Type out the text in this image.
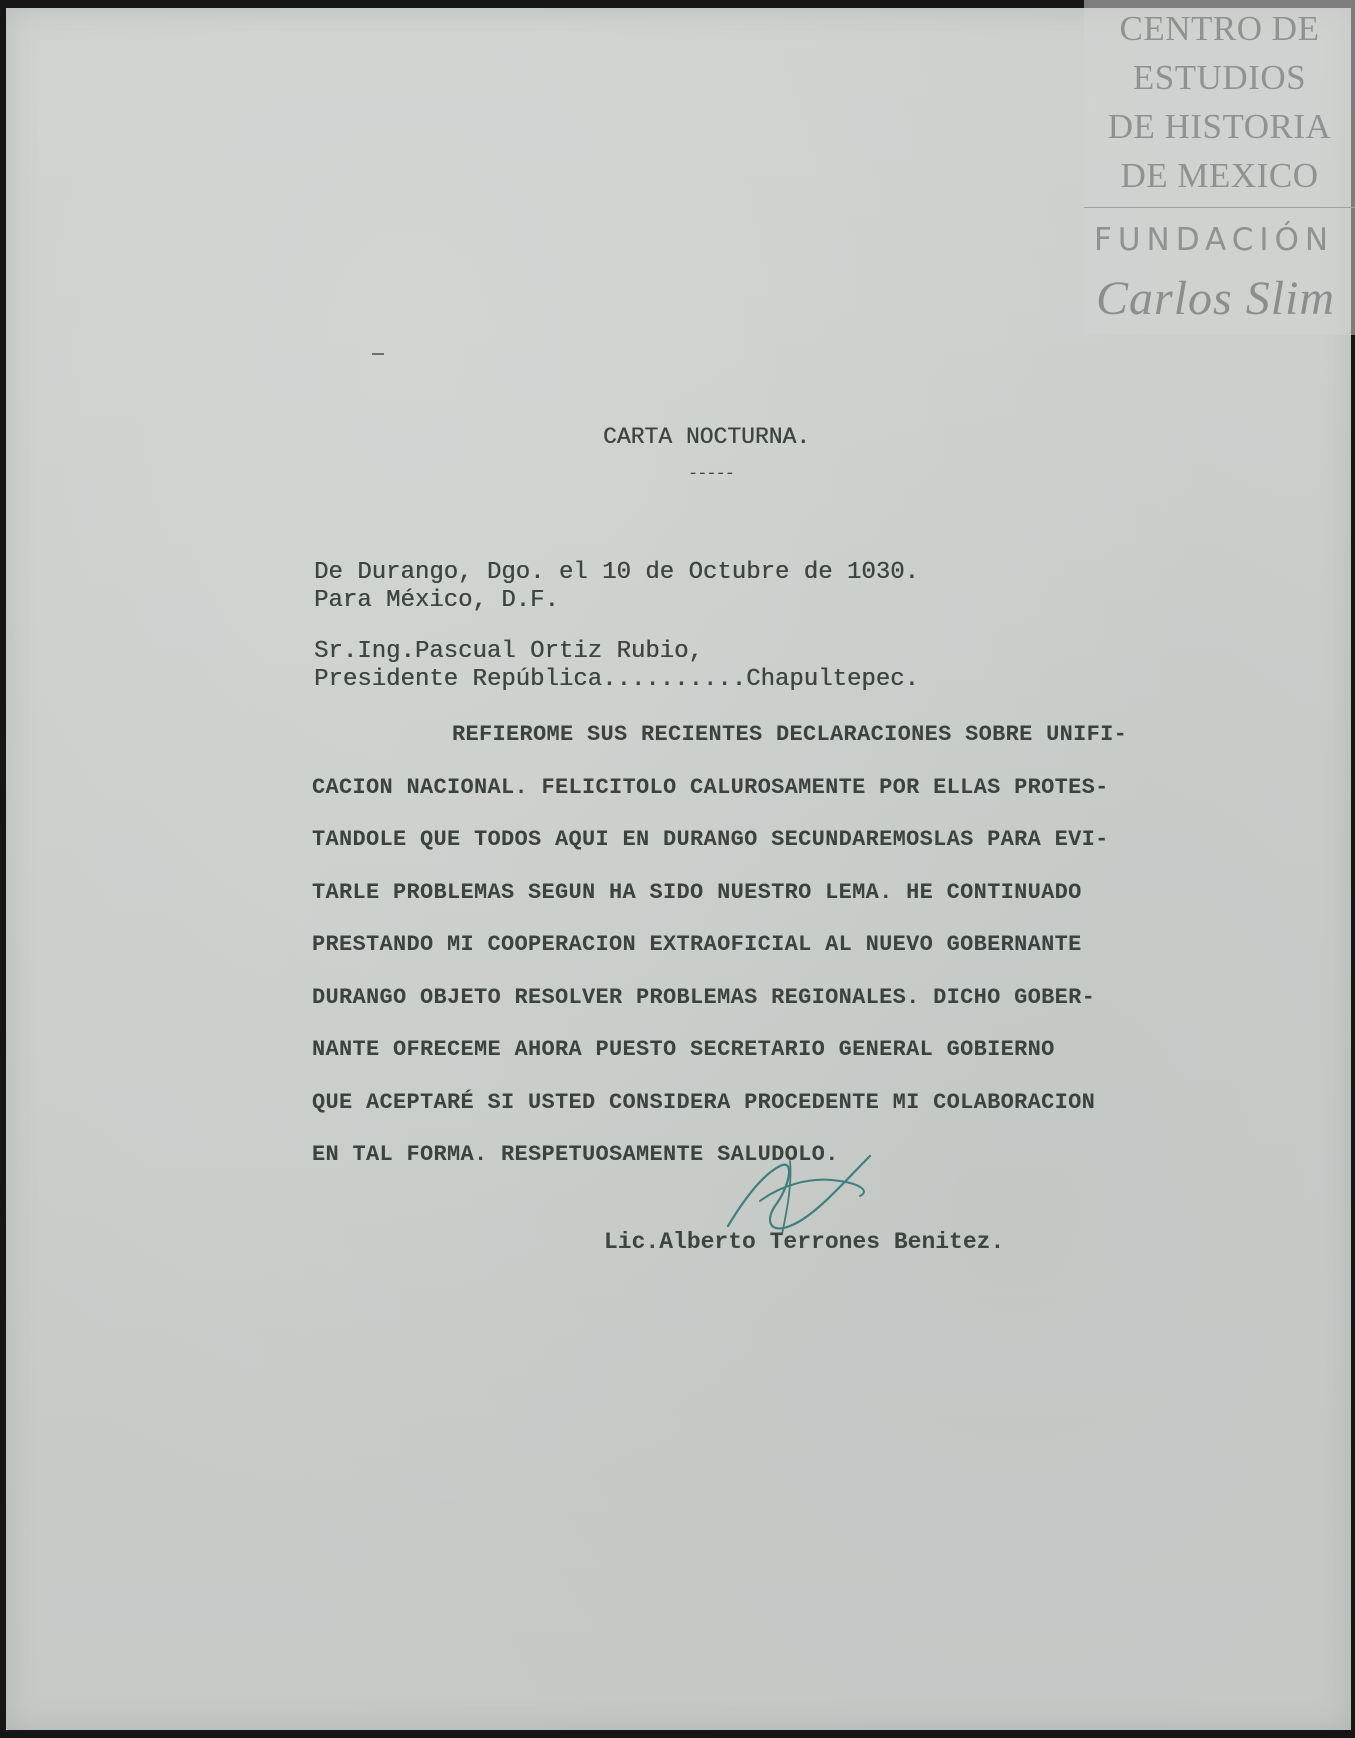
CARTA NOCTURNA.
-----
De Durango, Dgo. el 10 de Octubre de 1030.
Para México, D.F.
Sr.Ing.Pascual Ortiz Rubio,
Presidente República..........Chapultepec.
REFIEROME SUS RECIENTES DECLARACIONES SOBRE UNIFI-
CACION NACIONAL. FELICITOLO CALUROSAMENTE POR ELLAS PROTES-
TANDOLE QUE TODOS AQUI EN DURANGO SECUNDAREMOSLAS PARA EVI-
TARLE PROBLEMAS SEGUN HA SIDO NUESTRO LEMA. HE CONTINUADO
PRESTANDO MI COOPERACION EXTRAOFICIAL AL NUEVO GOBERNANTE
DURANGO OBJETO RESOLVER PROBLEMAS REGIONALES. DICHO GOBER-
NANTE OFRECEME AHORA PUESTO SECRETARIO GENERAL GOBIERNO
QUE ACEPTARÉ SI USTED CONSIDERA PROCEDENTE MI COLABORACION
EN TAL FORMA. RESPETUOSAMENTE SALUDOLO.
Lic.Alberto Terrones Benitez.
CENTRO DE
ESTUDIOS
DE HISTORIA
DE MEXICO
FUNDACIÓN
Carlos Slim
